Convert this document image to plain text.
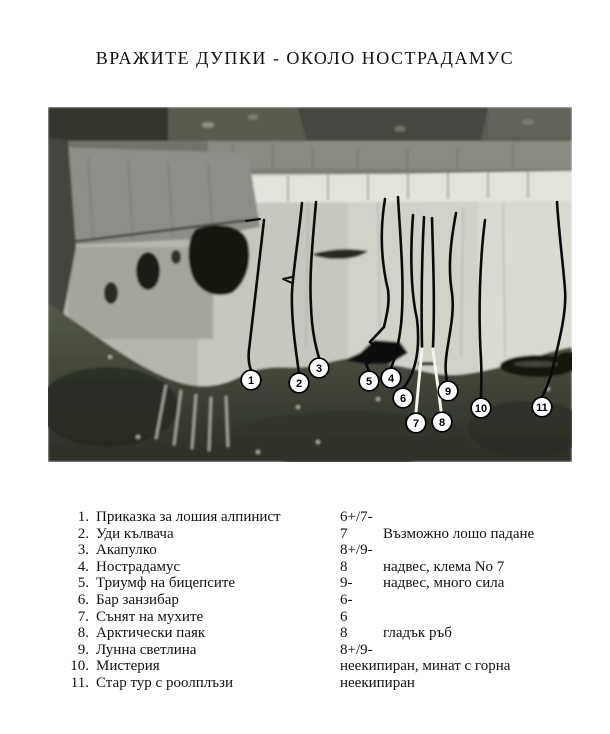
ВРАЖИТЕ ДУПКИ - ОКОЛО НОСТРАДАМУС
1	2
3
4
5
6
7 8
9
10	11
1. Приказка за лошия алпинист	6+/7-
2. Уди кълвача	7 Възможно лошо падане
3. Акапулко	8+/9-
4. Нострадамус	8 надвес, клема No 7
5. Триумф на бицепсите	9- надвес, много сила
6. Бар занзибар	6-
7. Сънят на мухите	6
8. Арктически паяк	8 гладък ръб
9. Лунна светлина	8+/9-
10. Мистерия	неекипиран, минат с горна
11. Стар тур с роолплъзи	неекипиран
